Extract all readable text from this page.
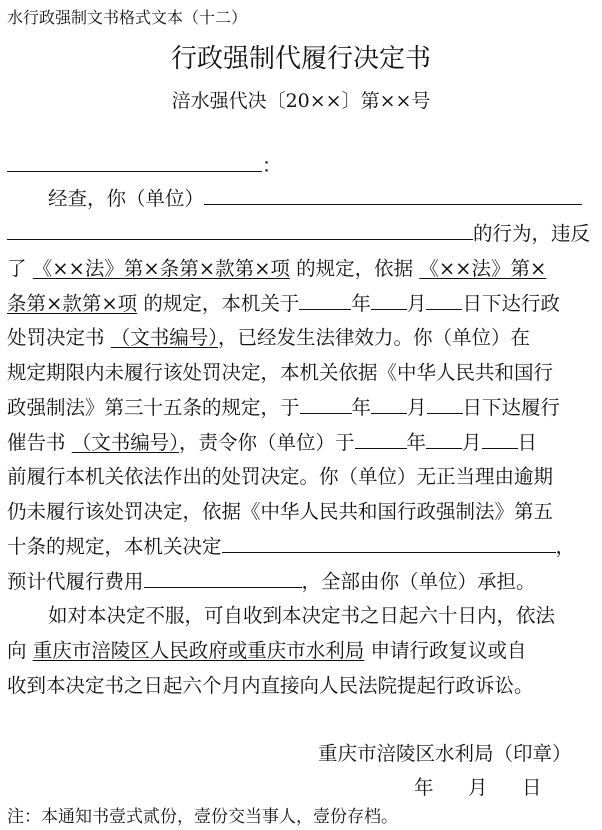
水行政强制文书格式文本（十二）
行政强制代履行决定书
涪水强代决〔20××〕第××号
：
经查，你（单位）
的行为，违反
了 《××法》第×条第×款第×项 的规定，依据 《××法》第×
条第×款第×项 的规定，本机关于	年 月 日下达行政
处罚决定书 （文书编号），已经发生法律效力。你（单位）在
规定期限内未履行该处罚决定，本机关依据《中华人民共和国行
政强制法》第三十五条的规定，于	年 月 日下达履行
催告书 （文书编号），责令你（单位）于	年 月 日
前履行本机关依法作出的处罚决定。你（单位）无正当理由逾期
仍未履行该处罚决定，依据《中华人民共和国行政强制法》第五
十条的规定，本机关决定	，
预计代履行费用	，全部由你（单位）承担。
如对本决定不服，可自收到本决定书之日起六十日内，依法
向 重庆市涪陵区人民政府或重庆市水利局 申请行政复议或自
收到本决定书之日起六个月内直接向人民法院提起行政诉讼。
重庆市涪陵区水利局（印章）
年 月 日
注：本通知书壹式贰份，壹份交当事人，壹份存档。
